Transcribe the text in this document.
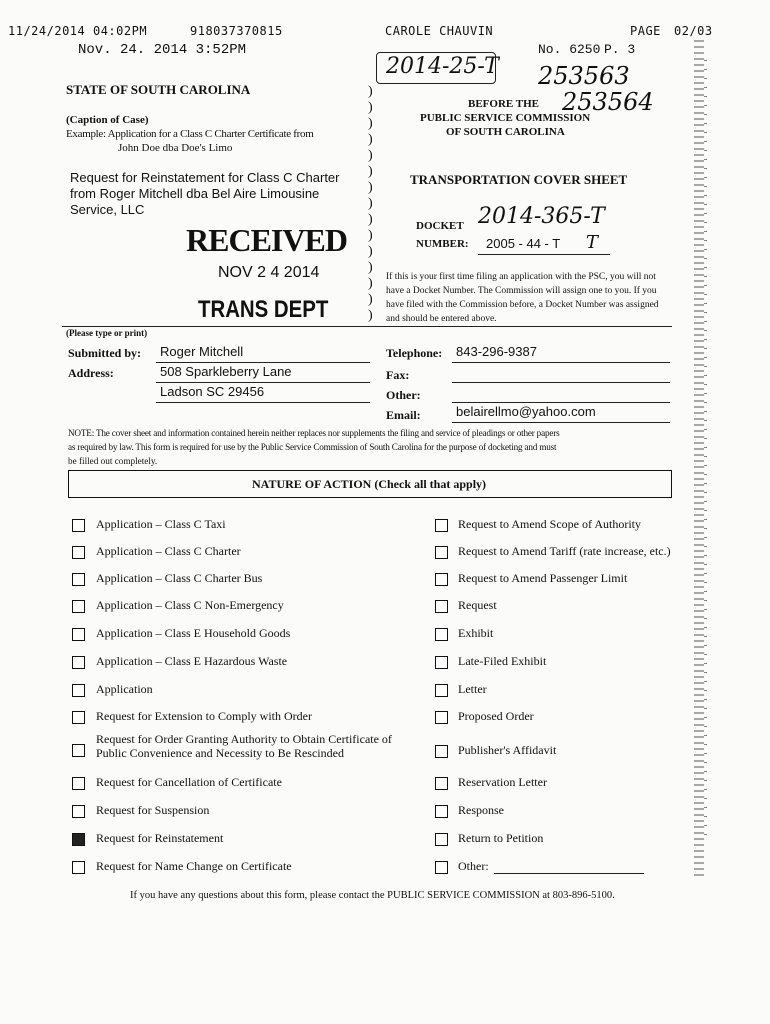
11/24/2014 04:02PM	918037370815	CAROLE CHAUVIN	PAGE 02/03
Nov. 24. 2014 3:52PM	No. 6250 P. 3
2014-25-T 253563
253564
STATE OF SOUTH CAROLINA
(Caption of Case)
Example: Application for a Class C Charter Certificate from
John Doe dba Doe's Limo
Request for Reinstatement for Class C Charter
from Roger Mitchell dba Bel Aire Limousine
Service, LLC
RECEIVED
NOV 2 4 2014
TRANS DEPT
)
)
)
)
)
)
)
)
)
)
)
)
)
)
)
BEFORE THE
PUBLIC SERVICE COMMISSION
OF SOUTH CAROLINA
TRANSPORTATION COVER SHEET
DOCKET 2014-365-T
NUMBER: 2005 - 44 - T T
If this is your first time filing an application with the PSC, you will not
have a Docket Number. The Commission will assign one to you. If you
have filed with the Commission before, a Docket Number was assigned
and should be entered above.
(Please type or print)
Submitted by: Roger Mitchell
Address:	508 Sparkleberry Lane
Ladson SC 29456
Telephone: 843-296-9387
Fax:
Other:
Email:	belairellmo@yahoo.com
NOTE: The cover sheet and information contained herein neither replaces nor supplements the filing and service of pleadings or other papers
as required by law. This form is required for use by the Public Service Commission of South Carolina for the purpose of docketing and must
be filled out completely.
NATURE OF ACTION (Check all that apply)
Application – Class C Taxi
Application – Class C Charter
Application – Class C Charter Bus
Application – Class C Non-Emergency
Application – Class E Household Goods
Application – Class E Hazardous Waste
Application
Request for Extension to Comply with Order
Request for Order Granting Authority to Obtain Certificate of
Public Convenience and Necessity to Be Rescinded
Request for Cancellation of Certificate
Request for Suspension
Request for Reinstatement
Request for Name Change on Certificate
Request to Amend Scope of Authority
Request to Amend Tariff (rate increase, etc.)
Request to Amend Passenger Limit
Request
Exhibit
Late-Filed Exhibit
Letter
Proposed Order
Publisher's Affidavit
Reservation Letter
Response
Return to Petition
Other:
If you have any questions about this form, please contact the PUBLIC SERVICE COMMISSION at 803-896-5100.
